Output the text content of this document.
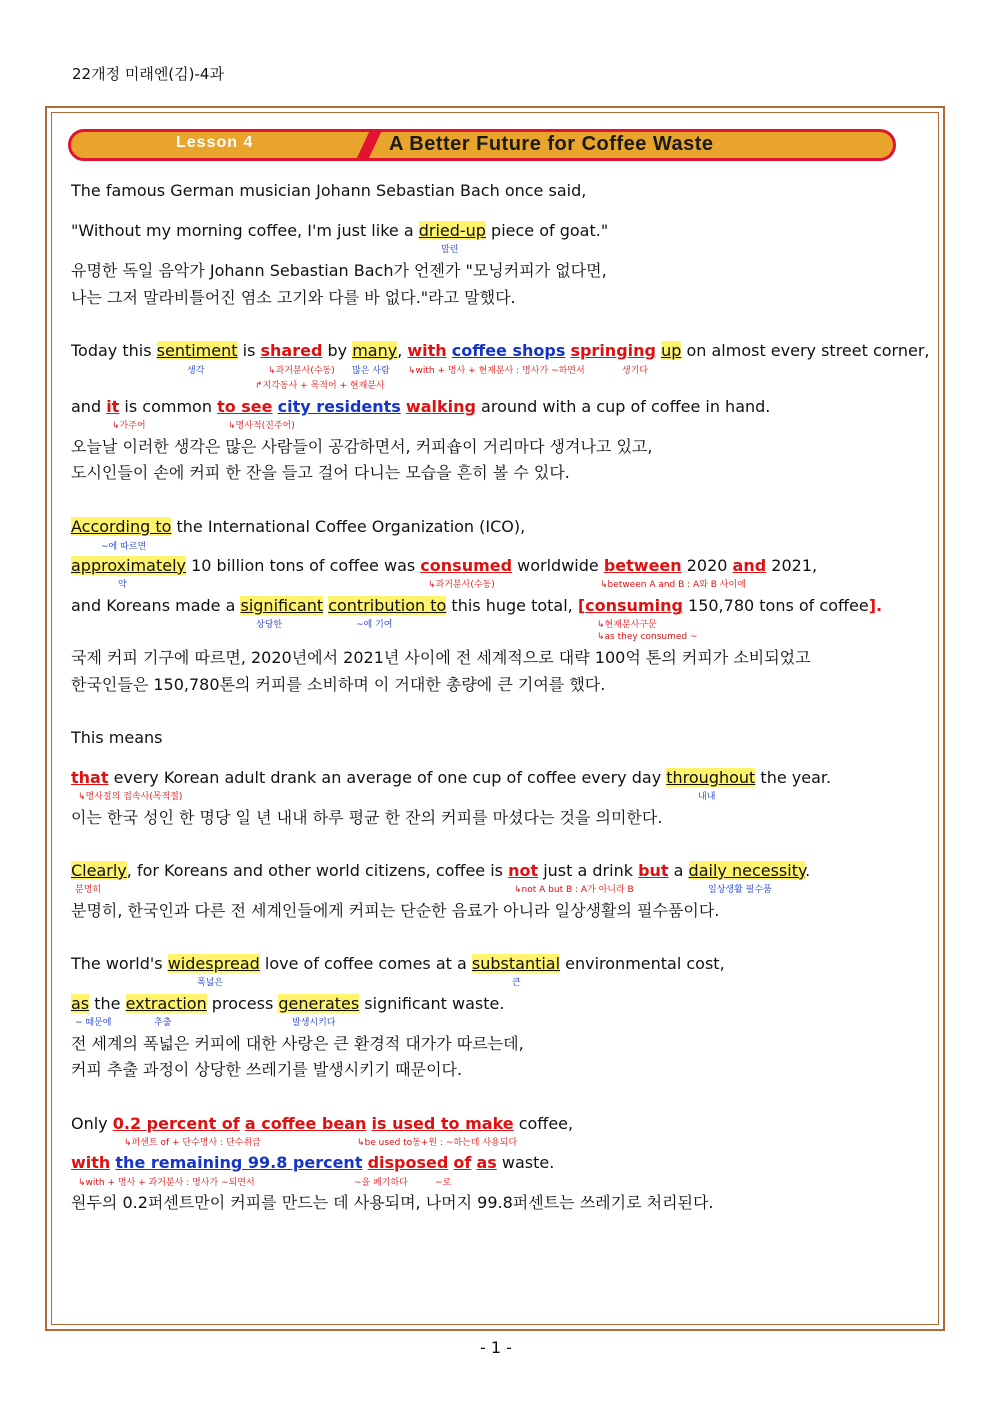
22개정 미래엔(김)-4과
Lesson 4	A Better Future for Coffee Waste
The famous German musician Johann Sebastian Bach once said,
"Without my morning coffee, I'm just like a dried-up piece of goat."
말린
유명한 독일 음악가 Johann Sebastian Bach가 언젠가 "모닝커피가 없다면,
나는 그저 말라비틀어진 염소 고기와 다를 바 없다."라고 말했다.
Today this sentiment is shared by many, with coffee shops springing up on almost every street corner,
생각	↳과거분사(수동) 많은 사람 ↳with + 명사 + 현재분사 : 명사가 ~하면서	생기다
↱지각동사 + 목적어 + 현재분사
and it is common to see city residents walking around with a cup of coffee in hand.
↳가주어	↳명사적(진주어)
오늘날 이러한 생각은 많은 사람들이 공감하면서, 커피숍이 거리마다 생겨나고 있고,
도시인들이 손에 커피 한 잔을 들고 걸어 다니는 모습을 흔히 볼 수 있다.
According to the International Coffee Organization (ICO),
~에 따르면
approximately 10 billion tons of coffee was consumed worldwide between 2020 and 2021,
약	↳과거분사(수동)	↳between A and B : A와 B 사이에
and Koreans made a significant contribution to this huge total, [consuming 150,780 tons of coffee].
상당한	~에 기여	↳현재분사구문
↳as they consumed ~
국제 커피 기구에 따르면, 2020년에서 2021년 사이에 전 세계적으로 대략 100억 톤의 커피가 소비되었고
한국인들은 150,780톤의 커피를 소비하며 이 거대한 총량에 큰 기여를 했다.
This means
that every Korean adult drank an average of one cup of coffee every day throughout the year.
↳명사절의 접속사(목적절)	내내
이는 한국 성인 한 명당 일 년 내내 하루 평균 한 잔의 커피를 마셨다는 것을 의미한다.
Clearly, for Koreans and other world citizens, coffee is not just a drink but a daily necessity.
분명히	↳not A but B : A가 아니라 B	일상생활 필수품
분명히, 한국인과 다른 전 세계인들에게 커피는 단순한 음료가 아니라 일상생활의 필수품이다.
The world's widespread love of coffee comes at a substantial environmental cost,
폭넓은	큰
as the extraction process generates significant waste.
~ 때문에	추출	발생시키다
전 세계의 폭넓은 커피에 대한 사랑은 큰 환경적 대가가 따르는데,
커피 추출 과정이 상당한 쓰레기를 발생시키기 때문이다.
Only 0.2 percent of a coffee bean is used to make coffee,
↳퍼센트 of + 단수명사 : 단수취급	↳be used to동+원 : ~하는데 사용되다
with the remaining 99.8 percent disposed of as waste.
↳with + 명사 + 과거분사 : 명사가 ~되면서	~을 폐기하다	~로
원두의 0.2퍼센트만이 커피를 만드는 데 사용되며, 나머지 99.8퍼센트는 쓰레기로 처리된다.
- 1 -
